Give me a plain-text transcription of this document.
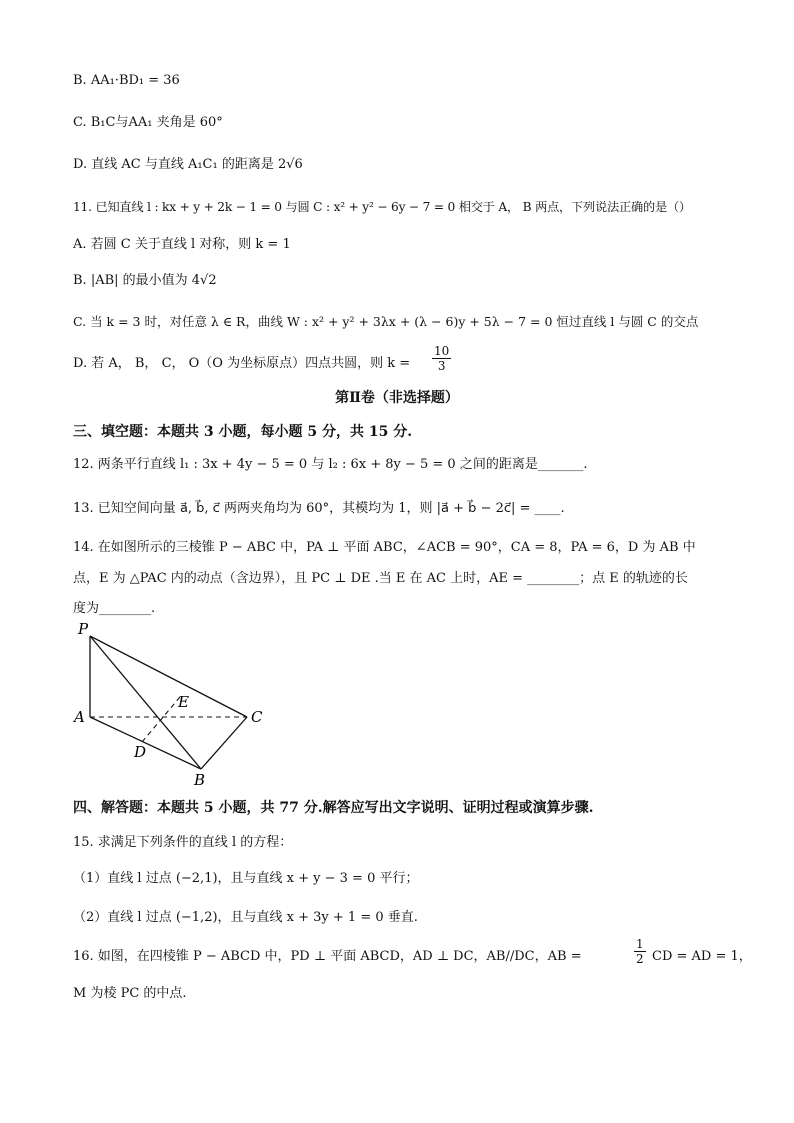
B. AA₁·BD₁ = 36
C. B₁C与AA₁ 夹角是 60°
D. 直线 AC 与直线 A₁C₁ 的距离是 2√6
11. 已知直线 l : kx + y + 2k − 1 = 0 与圆 C : x² + y² − 6y − 7 = 0 相交于 A， B 两点，下列说法正确的是（）
A. 若圆 C 关于直线 l 对称，则 k = 1
B. |AB| 的最小值为 4√2
C. 当 k = 3 时，对任意 λ ∈ R，曲线 W : x² + y² + 3λx + (λ − 6)y + 5λ − 7 = 0 恒过直线 l 与圆 C 的交点
D. 若 A， B， C， O（O 为坐标原点）四点共圆，则 $k = \frac{10}{3}$
第Ⅱ卷（非选择题）
三、填空题：本题共 3 小题，每小题 5 分，共 15 分.
12. 两条平行直线 l₁ : 3x + 4y − 5 = 0 与 l₂ : 6x + 8y − 5 = 0 之间的距离是_______.
13. 已知空间向量 a⃗, b⃗, c⃗ 两两夹角均为 60°，其模均为 1，则 |a⃗ + b⃗ − 2c⃗| = ____.
14. 在如图所示的三棱锥 P − ABC 中，PA ⊥ 平面 ABC，∠ACB = 90°，CA = 8，PA = 6，D 为 AB 中
点，E 为 △PAC 内的动点（含边界），且 PC ⊥ DE .当 E 在 AC 上时，AE = ________；点 E 的轨迹的长
度为________.
P
A	C
B
D
E
四、解答题：本题共 5 小题，共 77 分.解答应写出文字说明、证明过程或演算步骤.
15. 求满足下列条件的直线 l 的方程：
（1）直线 l 过点 (−2,1)，且与直线 x + y − 3 = 0 平行；
（2）直线 l 过点 (−1,2)，且与直线 x + 3y + 1 = 0 垂直.
16. 如图，在四棱锥 P − ABCD 中，PD ⊥ 平面 ABCD，AD ⊥ DC，AB//DC，AB =	$\frac{1}{2}$ CD = AD = 1，
M 为棱 PC 的中点.
